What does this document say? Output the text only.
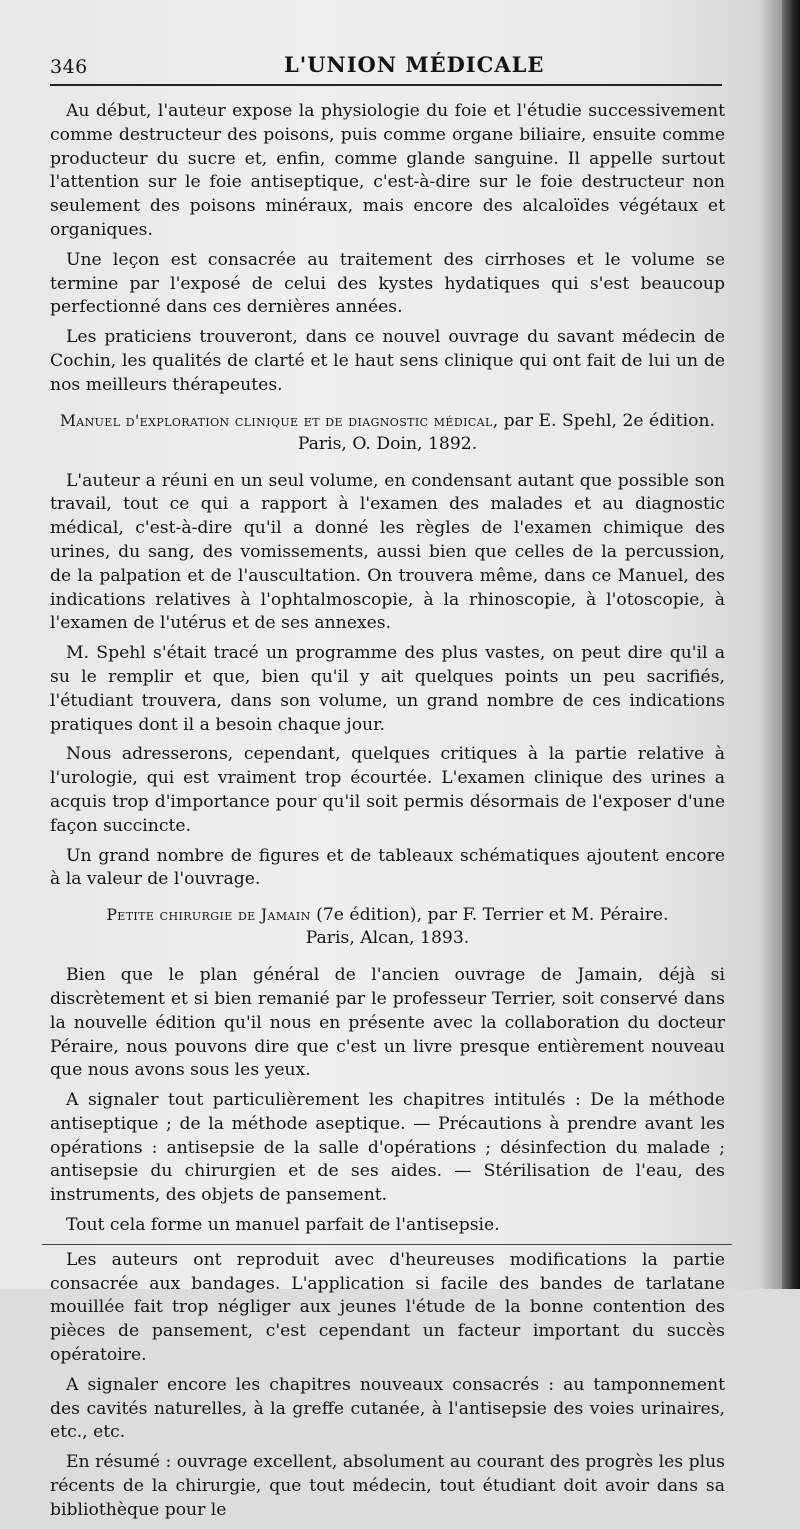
346	L'UNION MÉDICALE

Au début, l'auteur expose la physiologie du foie et l'étudie successivement comme destructeur des poisons, puis comme organe biliaire, ensuite comme producteur du sucre et, enfin, comme glande sanguine. Il appelle surtout l'attention sur le foie antiseptique, c'est-à-dire sur le foie destructeur non seulement des poisons minéraux, mais encore des alcaloïdes végétaux et organiques.

Une leçon est consacrée au traitement des cirrhoses et le volume se termine par l'exposé de celui des kystes hydatiques qui s'est beaucoup perfectionné dans ces dernières années.

Les praticiens trouveront, dans ce nouvel ouvrage du savant médecin de Cochin, les qualités de clarté et le haut sens clinique qui ont fait de lui un de nos meilleurs thérapeutes.

Manuel d'exploration clinique et de diagnostic médical, par E. Spehl, 2e édition.
Paris, O. Doin, 1892.

L'auteur a réuni en un seul volume, en condensant autant que possible son travail, tout ce qui a rapport à l'examen des malades et au diagnostic médical, c'est-à-dire qu'il a donné les règles de l'examen chimique des urines, du sang, des vomissements, aussi bien que celles de la percussion, de la palpation et de l'auscultation. On trouvera même, dans ce Manuel, des indications relatives à l'ophtalmoscopie, à la rhinoscopie, à l'otoscopie, à l'examen de l'utérus et de ses annexes.

M. Spehl s'était tracé un programme des plus vastes, on peut dire qu'il a su le remplir et que, bien qu'il y ait quelques points un peu sacrifiés, l'étudiant trouvera, dans son volume, un grand nombre de ces indications pratiques dont il a besoin chaque jour.

Nous adresserons, cependant, quelques critiques à la partie relative à l'urologie, qui est vraiment trop écourtée. L'examen clinique des urines a acquis trop d'importance pour qu'il soit permis désormais de l'exposer d'une façon succincte.

Un grand nombre de figures et de tableaux schématiques ajoutent encore à la valeur de l'ouvrage.

Petite chirurgie de Jamain (7e édition), par F. Terrier et M. Péraire.
Paris, Alcan, 1893.

Bien que le plan général de l'ancien ouvrage de Jamain, déjà si discrètement et si bien remanié par le professeur Terrier, soit conservé dans la nouvelle édition qu'il nous en présente avec la collaboration du docteur Péraire, nous pouvons dire que c'est un livre presque entièrement nouveau que nous avons sous les yeux.

A signaler tout particulièrement les chapitres intitulés : De la méthode antiseptique ; de la méthode aseptique. — Précautions à prendre avant les opérations : antisepsie de la salle d'opérations ; désinfection du malade ; antisepsie du chirurgien et de ses aides. — Stérilisation de l'eau, des instruments, des objets de pansement.

Tout cela forme un manuel parfait de l'antisepsie.

Les auteurs ont reproduit avec d'heureuses modifications la partie consacrée aux bandages. L'application si facile des bandes de tarlatane mouillée fait trop négliger aux jeunes l'étude de la bonne contention des pièces de pansement, c'est cependant un facteur important du succès opératoire.

A signaler encore les chapitres nouveaux consacrés : au tamponnement des cavités naturelles, à la greffe cutanée, à l'antisepsie des voies urinaires, etc., etc.

En résumé : ouvrage excellent, absolument au courant des progrès les plus récents de la chirurgie, que tout médecin, tout étudiant doit avoir dans sa bibliothèque pour le
